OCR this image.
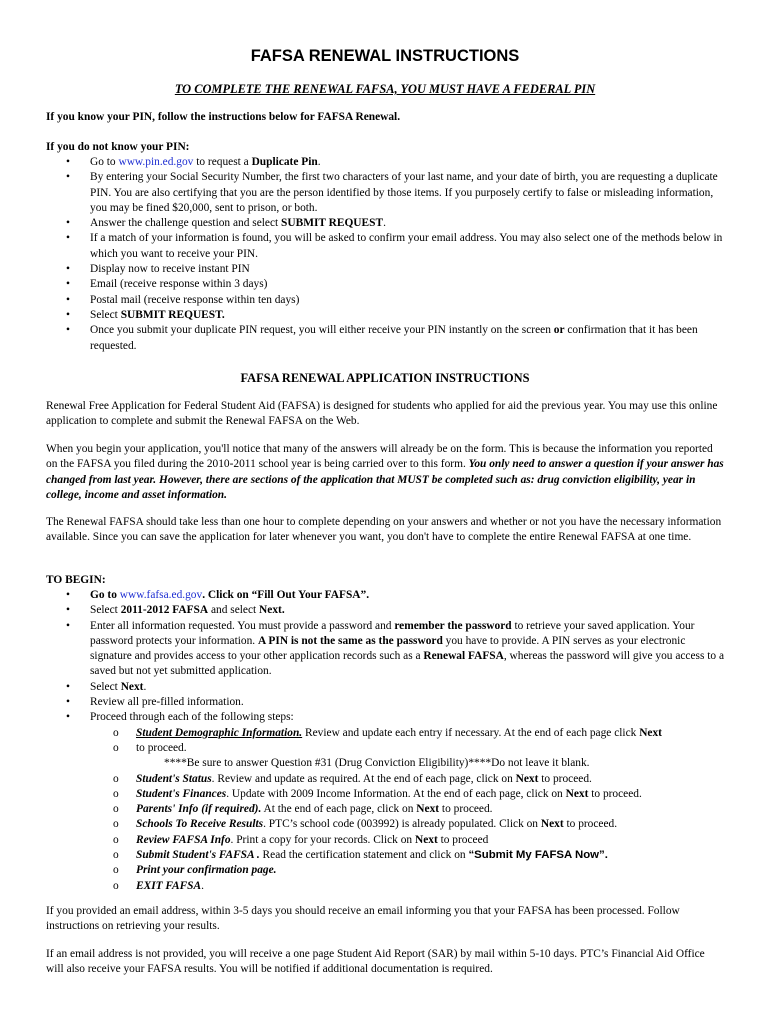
FAFSA RENEWAL INSTRUCTIONS
TO COMPLETE THE RENEWAL FAFSA, YOU MUST HAVE A FEDERAL PIN

If you know your PIN, follow the instructions below for FAFSA Renewal.

If you do not know your PIN:

• Go to www.pin.ed.gov to request a Duplicate Pin.
• By entering your Social Security Number, the first two characters of your last name, and your date of birth, you are requesting a duplicate PIN. You are also certifying that you are the person identified by those items. If you purposely certify to false or misleading information, you may be fined $20,000, sent to prison, or both.
• Answer the challenge question and select SUBMIT REQUEST.
• If a match of your information is found, you will be asked to confirm your email address. You may also select one of the methods below in which you want to receive your PIN.
• Display now to receive instant PIN
• Email (receive response within 3 days)
• Postal mail (receive response within ten days)
• Select SUBMIT REQUEST.
• Once you submit your duplicate PIN request, you will either receive your PIN instantly on the screen or confirmation that it has been requested.
FAFSA RENEWAL APPLICATION INSTRUCTIONS

Renewal Free Application for Federal Student Aid (FAFSA) is designed for students who applied for aid the previous year. You may use this online application to complete and submit the Renewal FAFSA on the Web.

When you begin your application, you'll notice that many of the answers will already be on the form. This is because the information you reported on the FAFSA you filed during the 2010-2011 school year is being carried over to this form. You only need to answer a question if your answer has changed from last year. However, there are sections of the application that MUST be completed such as: drug conviction eligibility, year in college, income and asset information.

The Renewal FAFSA should take less than one hour to complete depending on your answers and whether or not you have the necessary information available. Since you can save the application for later whenever you want, you don't have to complete the entire Renewal FAFSA at one time.

TO BEGIN:

• Go to www.fafsa.ed.gov. Click on “Fill Out Your FAFSA”.
• Select 2011-2012 FAFSA and select Next.
• Enter all information requested. You must provide a password and remember the password to retrieve your saved application. Your password protects your information. A PIN is not the same as the password you have to provide. A PIN serves as your electronic signature and provides access to your other application records such as a Renewal FAFSA, whereas the password will give you access to a saved but not yet submitted application.
• Select Next.
• Review all pre-filled information.
• Proceed through each of the following steps:
o Student Demographic Information. Review and update each entry if necessary. At the end of each page click Next
o to proceed.
****Be sure to answer Question #31 (Drug Conviction Eligibility)****Do not leave it blank.
o Student's Status. Review and update as required. At the end of each page, click on Next to proceed.
o Student's Finances. Update with 2009 Income Information. At the end of each page, click on Next to proceed.
o Parents' Info (if required). At the end of each page, click on Next to proceed.
o Schools To Receive Results. PTC’s school code (003992) is already populated. Click on Next to proceed.
o Review FAFSA Info. Print a copy for your records. Click on Next to proceed
o Submit Student's FAFSA . Read the certification statement and click on “Submit My FAFSA Now”.
o Print your confirmation page.
o EXIT FAFSA.

If you provided an email address, within 3-5 days you should receive an email informing you that your FAFSA has been processed. Follow instructions on retrieving your results.

If an email address is not provided, you will receive a one page Student Aid Report (SAR) by mail within 5-10 days. PTC’s Financial Aid Office will also receive your FAFSA results. You will be notified if additional documentation is required.
